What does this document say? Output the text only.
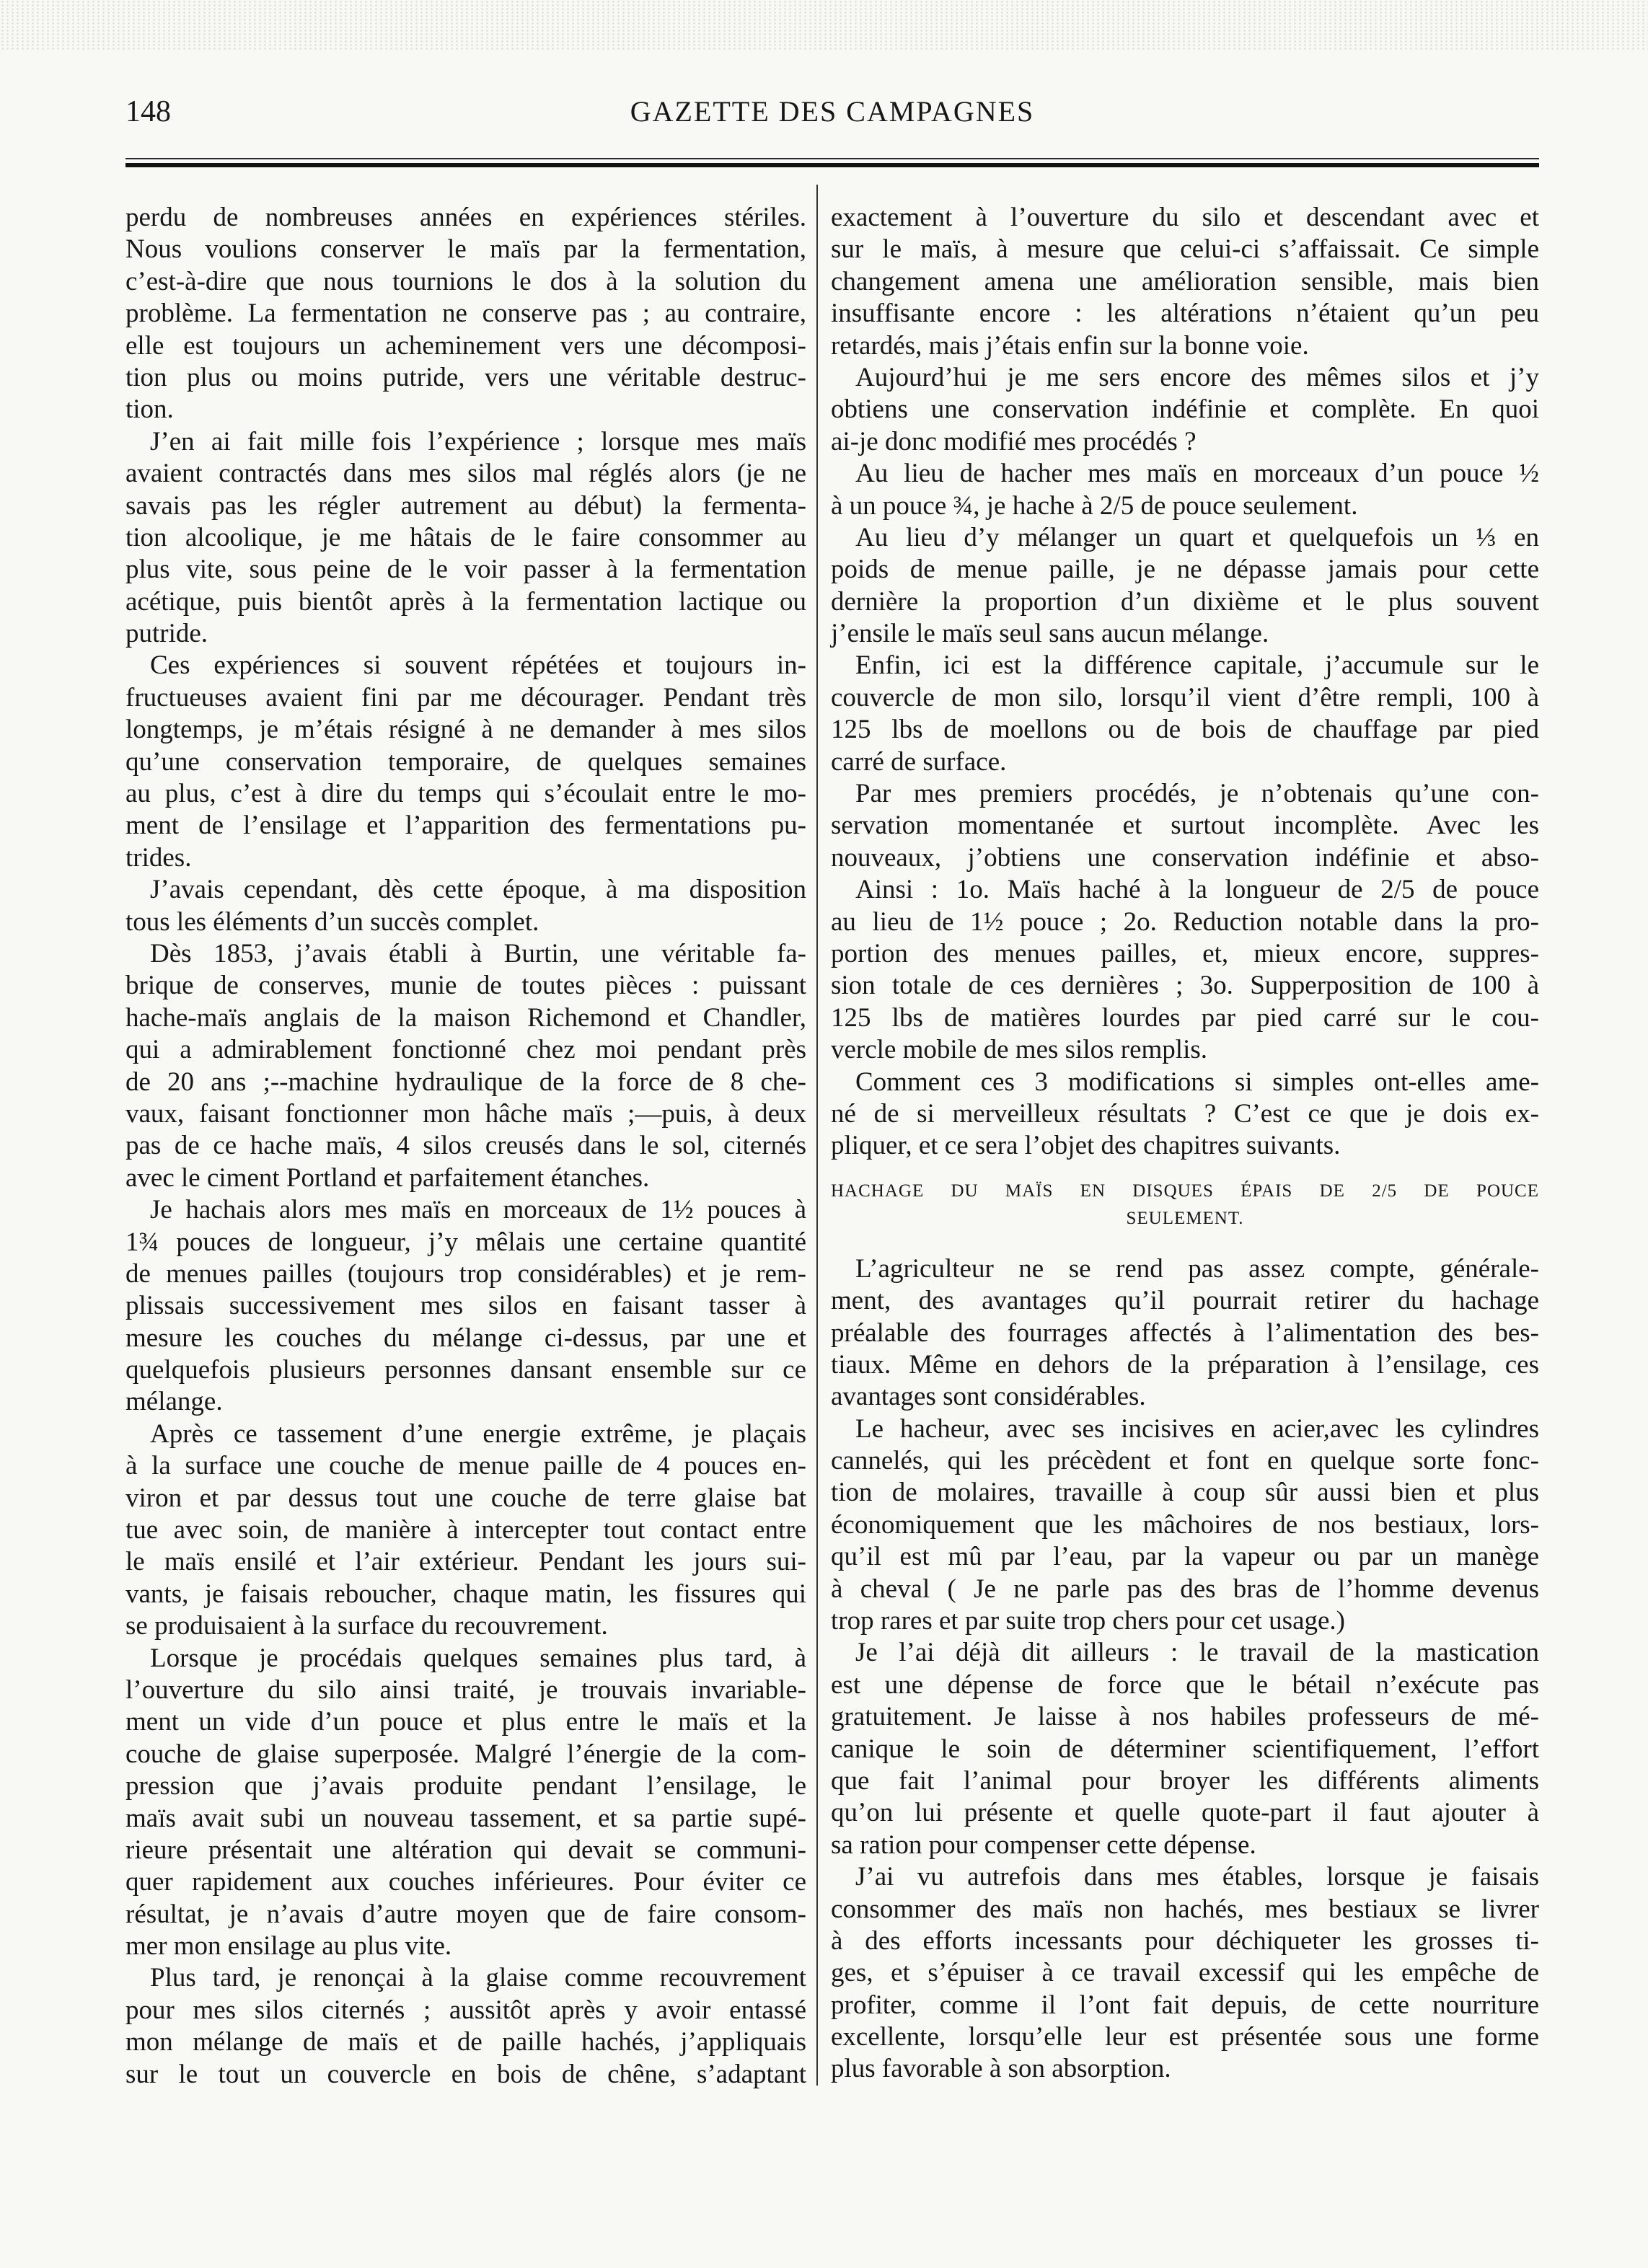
148	GAZETTE DES CAMPAGNES
perdu de nombreuses années en expériences stériles.
Nous voulions conserver le maïs par la fermentation,
c’est-à-dire que nous tournions le dos à la solution du
problème. La fermentation ne conserve pas ; au contraire,
elle est toujours un acheminement vers une décomposi-
tion plus ou moins putride, vers une véritable destruc-
tion.
J’en ai fait mille fois l’expérience ; lorsque mes maïs
avaient contractés dans mes silos mal réglés alors (je ne
savais pas les régler autrement au début) la fermenta-
tion alcoolique, je me hâtais de le faire consommer au
plus vite, sous peine de le voir passer à la fermentation
acétique, puis bientôt après à la fermentation lactique ou
putride.
Ces expériences si souvent répétées et toujours in-
fructueuses avaient fini par me décourager. Pendant très
longtemps, je m’étais résigné à ne demander à mes silos
qu’une conservation temporaire, de quelques semaines
au plus, c’est à dire du temps qui s’écoulait entre le mo-
ment de l’ensilage et l’apparition des fermentations pu-
trides.
J’avais cependant, dès cette époque, à ma disposition
tous les éléments d’un succès complet.
Dès 1853, j’avais établi à Burtin, une véritable fa-
brique de conserves, munie de toutes pièces : puissant
hache-maïs anglais de la maison Richemond et Chandler,
qui a admirablement fonctionné chez moi pendant près
de 20 ans ;--machine hydraulique de la force de 8 che-
vaux, faisant fonctionner mon hâche maïs ;—puis, à deux
pas de ce hache maïs, 4 silos creusés dans le sol, citernés
avec le ciment Portland et parfaitement étanches.
Je hachais alors mes maïs en morceaux de 1½ pouces à
1¾ pouces de longueur, j’y mêlais une certaine quantité
de menues pailles (toujours trop considérables) et je rem-
plissais successivement mes silos en faisant tasser à
mesure les couches du mélange ci-dessus, par une et
quelquefois plusieurs personnes dansant ensemble sur ce
mélange.
Après ce tassement d’une energie extrême, je plaçais
à la surface une couche de menue paille de 4 pouces en-
viron et par dessus tout une couche de terre glaise bat
tue avec soin, de manière à intercepter tout contact entre
le maïs ensilé et l’air extérieur. Pendant les jours sui-
vants, je faisais reboucher, chaque matin, les fissures qui
se produisaient à la surface du recouvrement.
Lorsque je procédais quelques semaines plus tard, à
l’ouverture du silo ainsi traité, je trouvais invariable-
ment un vide d’un pouce et plus entre le maïs et la
couche de glaise superposée. Malgré l’énergie de la com-
pression que j’avais produite pendant l’ensilage, le
maïs avait subi un nouveau tassement, et sa partie supé-
rieure présentait une altération qui devait se communi-
quer rapidement aux couches inférieures. Pour éviter ce
résultat, je n’avais d’autre moyen que de faire consom-
mer mon ensilage au plus vite.
Plus tard, je renonçai à la glaise comme recouvrement
pour mes silos citernés ; aussitôt après y avoir entassé
mon mélange de maïs et de paille hachés, j’appliquais
sur le tout un couvercle en bois de chêne, s’adaptant
exactement à l’ouverture du silo et descendant avec et
sur le maïs, à mesure que celui-ci s’affaissait. Ce simple
changement amena une amélioration sensible, mais bien
insuffisante encore : les altérations n’étaient qu’un peu
retardés, mais j’étais enfin sur la bonne voie.
Aujourd’hui je me sers encore des mêmes silos et j’y
obtiens une conservation indéfinie et complète. En quoi
ai-je donc modifié mes procédés ?
Au lieu de hacher mes maïs en morceaux d’un pouce ½
à un pouce ¾, je hache à 2/5 de pouce seulement.
Au lieu d’y mélanger un quart et quelquefois un ⅓ en
poids de menue paille, je ne dépasse jamais pour cette
dernière la proportion d’un dixième et le plus souvent
j’ensile le maïs seul sans aucun mélange.
Enfin, ici est la différence capitale, j’accumule sur le
couvercle de mon silo, lorsqu’il vient d’être rempli, 100 à
125 lbs de moellons ou de bois de chauffage par pied
carré de surface.
Par mes premiers procédés, je n’obtenais qu’une con-
servation momentanée et surtout incomplète. Avec les
nouveaux, j’obtiens une conservation indéfinie et abso-
Ainsi : 1o. Maïs haché à la longueur de 2/5 de pouce
au lieu de 1½ pouce ; 2o. Reduction notable dans la pro-
portion des menues pailles, et, mieux encore, suppres-
sion totale de ces dernières ; 3o. Supperposition de 100 à
125 lbs de matières lourdes par pied carré sur le cou-
vercle mobile de mes silos remplis.
Comment ces 3 modifications si simples ont-elles ame-
né de si merveilleux résultats ? C’est ce que je dois ex-
pliquer, et ce sera l’objet des chapitres suivants.
HACHAGE DU MAÏS EN DISQUES ÉPAIS DE 2/5 DE POUCE
SEULEMENT.
L’agriculteur ne se rend pas assez compte, générale-
ment, des avantages qu’il pourrait retirer du hachage
préalable des fourrages affectés à l’alimentation des bes-
tiaux. Même en dehors de la préparation à l’ensilage, ces
avantages sont considérables.
Le hacheur, avec ses incisives en acier,avec les cylindres
cannelés, qui les précèdent et font en quelque sorte fonc-
tion de molaires, travaille à coup sûr aussi bien et plus
économiquement que les mâchoires de nos bestiaux, lors-
qu’il est mû par l’eau, par la vapeur ou par un manège
à cheval ( Je ne parle pas des bras de l’homme devenus
trop rares et par suite trop chers pour cet usage.)
Je l’ai déjà dit ailleurs : le travail de la mastication
est une dépense de force que le bétail n’exécute pas
gratuitement. Je laisse à nos habiles professeurs de mé-
canique le soin de déterminer scientifiquement, l’effort
que fait l’animal pour broyer les différents aliments
qu’on lui présente et quelle quote-part il faut ajouter à
sa ration pour compenser cette dépense.
J’ai vu autrefois dans mes étables, lorsque je faisais
consommer des maïs non hachés, mes bestiaux se livrer
à des efforts incessants pour déchiqueter les grosses ti-
ges, et s’épuiser à ce travail excessif qui les empêche de
profiter, comme il l’ont fait depuis, de cette nourriture
excellente, lorsqu’elle leur est présentée sous une forme
plus favorable à son absorption.
